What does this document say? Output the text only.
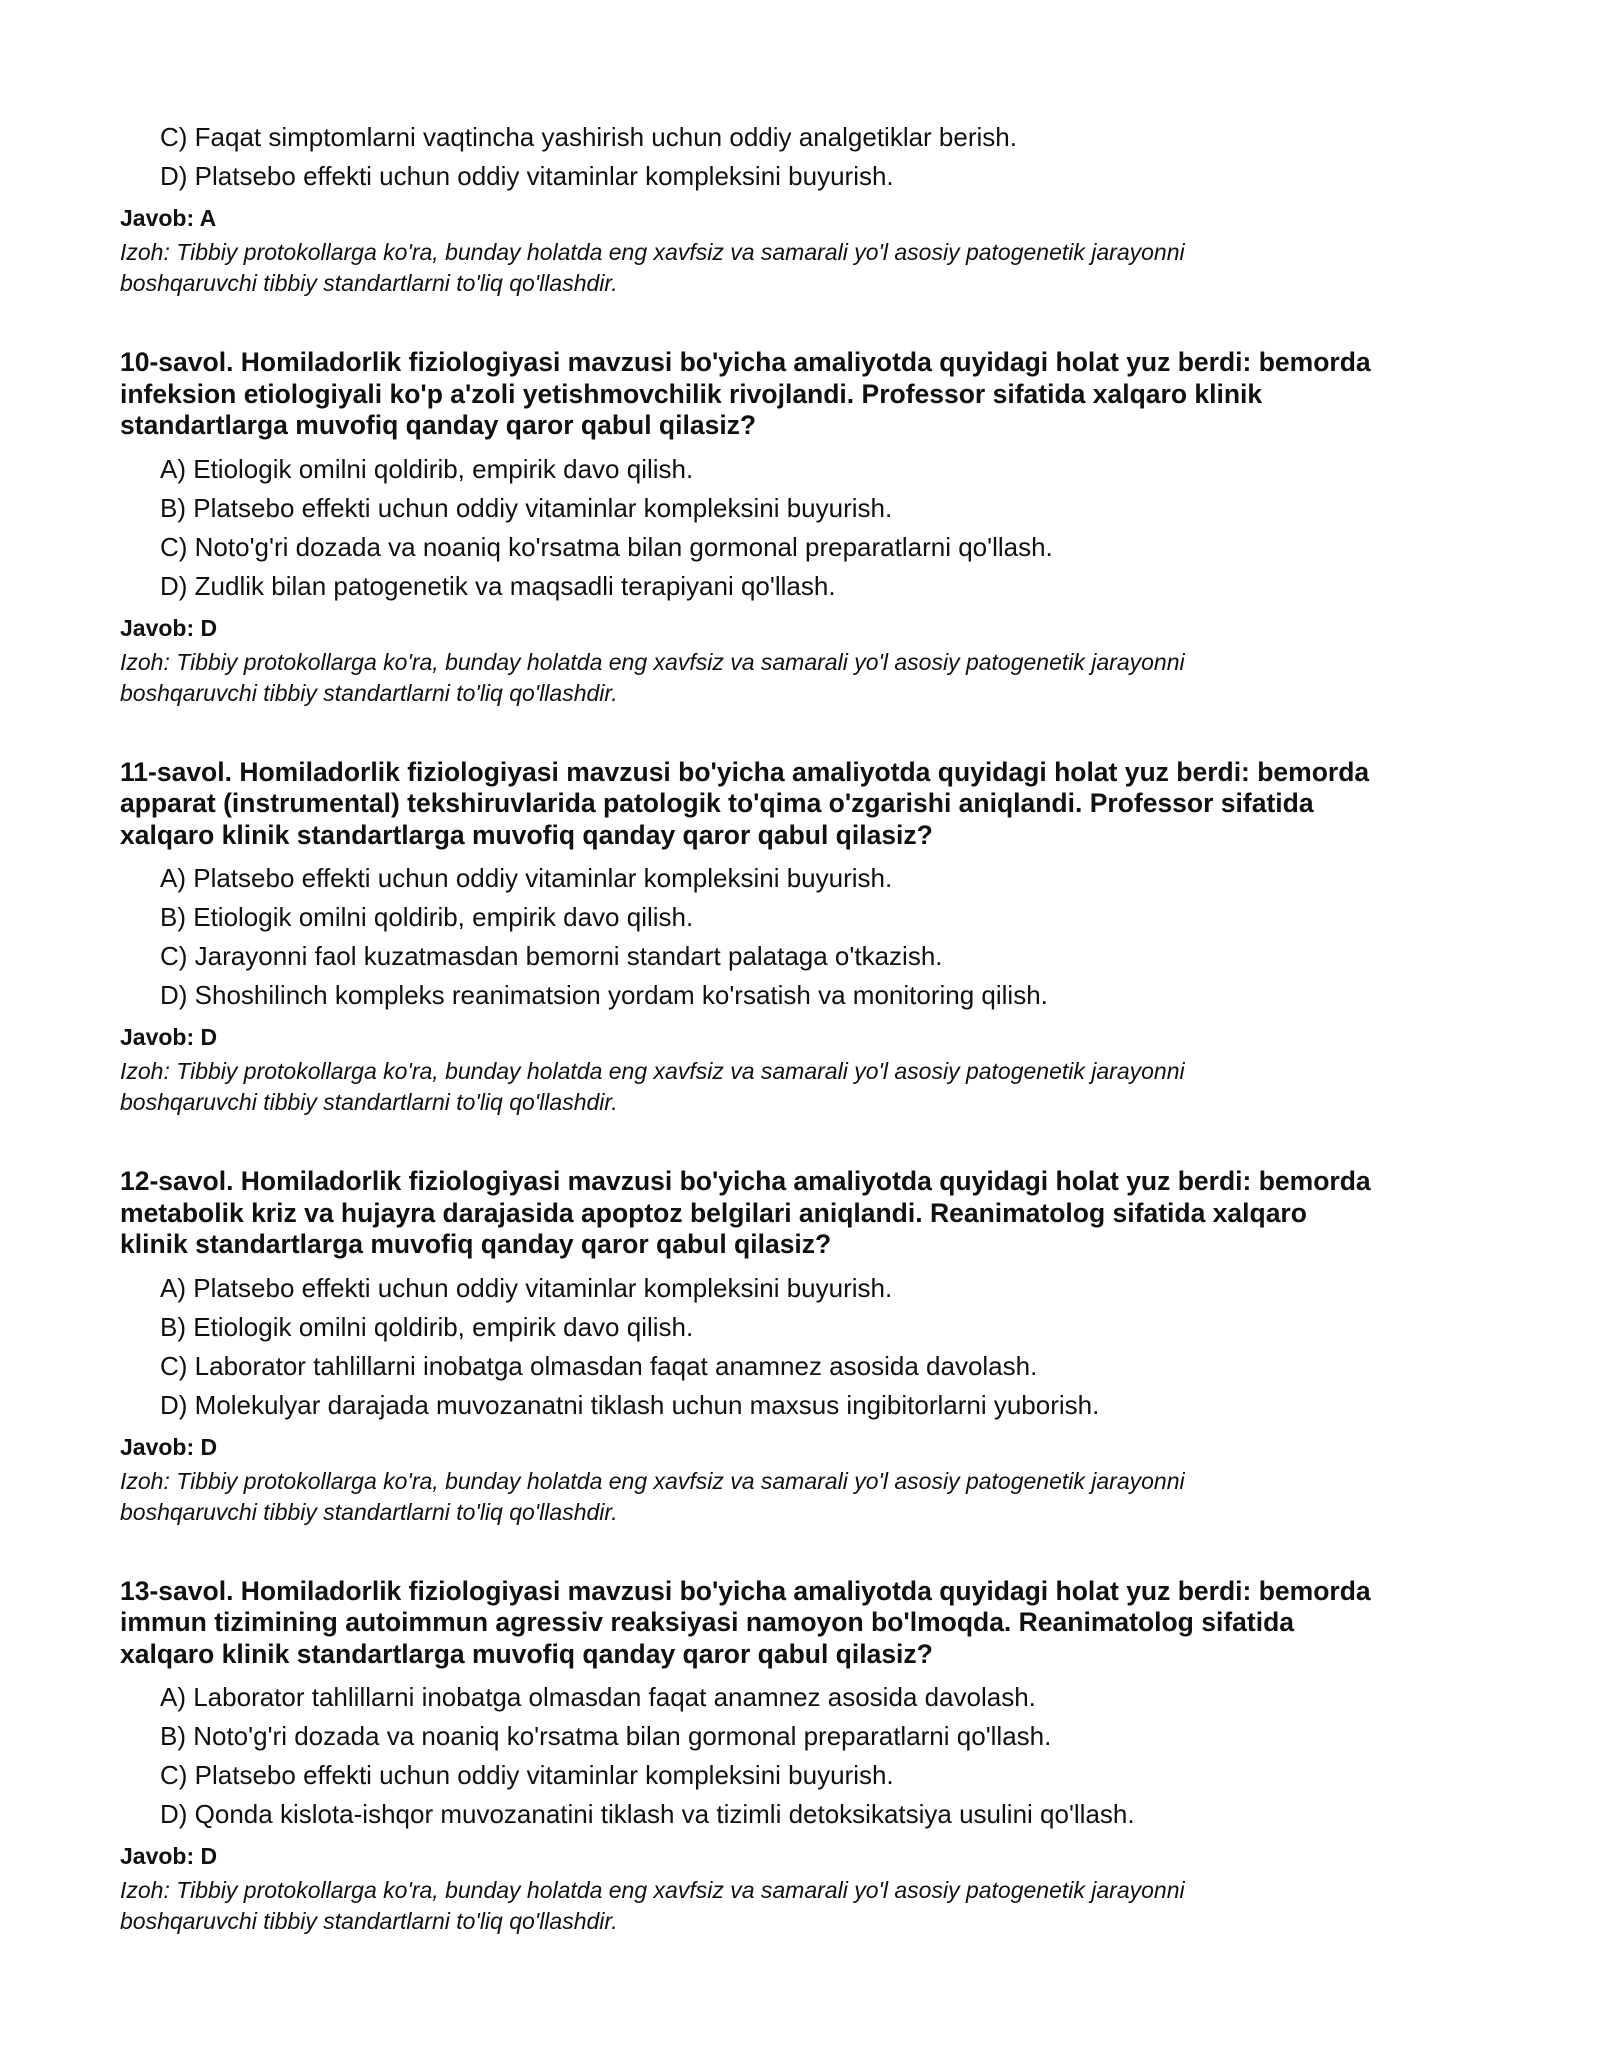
C) Faqat simptomlarni vaqtincha yashirish uchun oddiy analgetiklar berish.
D) Platsebo effekti uchun oddiy vitaminlar kompleksini buyurish.
Javob: A
Izoh: Tibbiy protokollarga ko'ra, bunday holatda eng xavfsiz va samarali yo'l asosiy patogenetik jarayonni
boshqaruvchi tibbiy standartlarni to'liq qo'llashdir.
10-savol. Homiladorlik fiziologiyasi mavzusi bo'yicha amaliyotda quyidagi holat yuz berdi: bemorda
infeksion etiologiyali ko'p a'zoli yetishmovchilik rivojlandi. Professor sifatida xalqaro klinik
standartlarga muvofiq qanday qaror qabul qilasiz?
A) Etiologik omilni qoldirib, empirik davo qilish.
B) Platsebo effekti uchun oddiy vitaminlar kompleksini buyurish.
C) Noto'g'ri dozada va noaniq ko'rsatma bilan gormonal preparatlarni qo'llash.
D) Zudlik bilan patogenetik va maqsadli terapiyani qo'llash.
Javob: D
Izoh: Tibbiy protokollarga ko'ra, bunday holatda eng xavfsiz va samarali yo'l asosiy patogenetik jarayonni
boshqaruvchi tibbiy standartlarni to'liq qo'llashdir.
11-savol. Homiladorlik fiziologiyasi mavzusi bo'yicha amaliyotda quyidagi holat yuz berdi: bemorda
apparat (instrumental) tekshiruvlarida patologik to'qima o'zgarishi aniqlandi. Professor sifatida
xalqaro klinik standartlarga muvofiq qanday qaror qabul qilasiz?
A) Platsebo effekti uchun oddiy vitaminlar kompleksini buyurish.
B) Etiologik omilni qoldirib, empirik davo qilish.
C) Jarayonni faol kuzatmasdan bemorni standart palataga o'tkazish.
D) Shoshilinch kompleks reanimatsion yordam ko'rsatish va monitoring qilish.
Javob: D
Izoh: Tibbiy protokollarga ko'ra, bunday holatda eng xavfsiz va samarali yo'l asosiy patogenetik jarayonni
boshqaruvchi tibbiy standartlarni to'liq qo'llashdir.
12-savol. Homiladorlik fiziologiyasi mavzusi bo'yicha amaliyotda quyidagi holat yuz berdi: bemorda
metabolik kriz va hujayra darajasida apoptoz belgilari aniqlandi. Reanimatolog sifatida xalqaro
klinik standartlarga muvofiq qanday qaror qabul qilasiz?
A) Platsebo effekti uchun oddiy vitaminlar kompleksini buyurish.
B) Etiologik omilni qoldirib, empirik davo qilish.
C) Laborator tahlillarni inobatga olmasdan faqat anamnez asosida davolash.
D) Molekulyar darajada muvozanatni tiklash uchun maxsus ingibitorlarni yuborish.
Javob: D
Izoh: Tibbiy protokollarga ko'ra, bunday holatda eng xavfsiz va samarali yo'l asosiy patogenetik jarayonni
boshqaruvchi tibbiy standartlarni to'liq qo'llashdir.
13-savol. Homiladorlik fiziologiyasi mavzusi bo'yicha amaliyotda quyidagi holat yuz berdi: bemorda
immun tizimining autoimmun agressiv reaksiyasi namoyon bo'lmoqda. Reanimatolog sifatida
xalqaro klinik standartlarga muvofiq qanday qaror qabul qilasiz?
A) Laborator tahlillarni inobatga olmasdan faqat anamnez asosida davolash.
B) Noto'g'ri dozada va noaniq ko'rsatma bilan gormonal preparatlarni qo'llash.
C) Platsebo effekti uchun oddiy vitaminlar kompleksini buyurish.
D) Qonda kislota-ishqor muvozanatini tiklash va tizimli detoksikatsiya usulini qo'llash.
Javob: D
Izoh: Tibbiy protokollarga ko'ra, bunday holatda eng xavfsiz va samarali yo'l asosiy patogenetik jarayonni
boshqaruvchi tibbiy standartlarni to'liq qo'llashdir.
